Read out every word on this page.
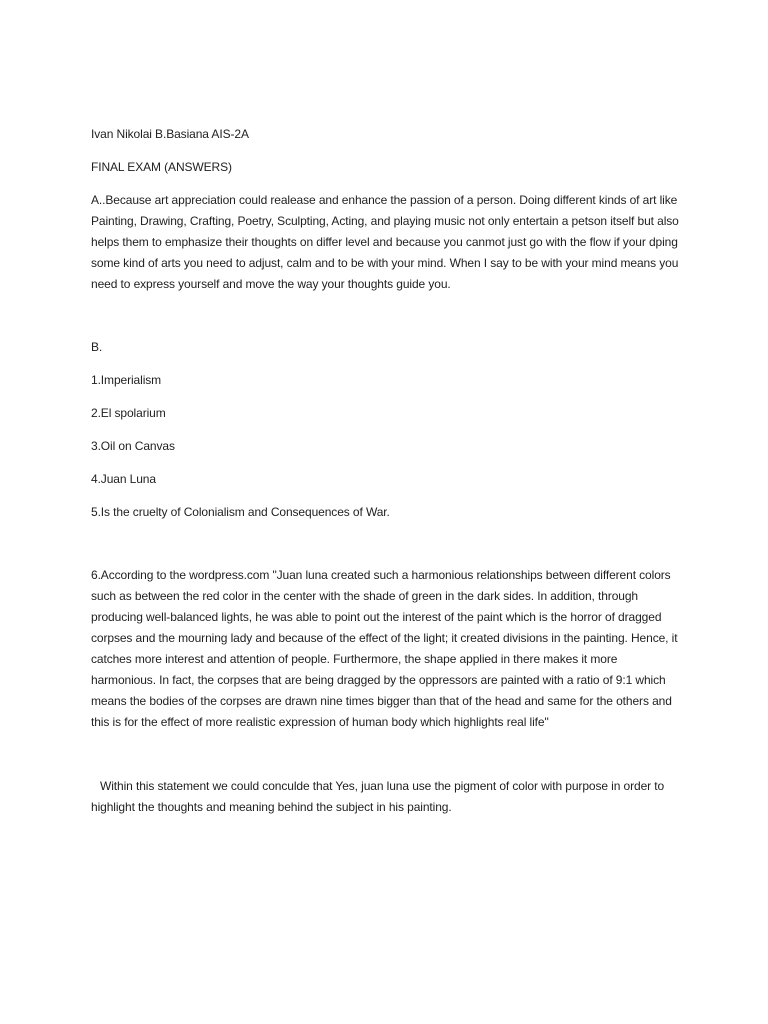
Ivan Nikolai B.Basiana AIS-2A

FINAL EXAM (ANSWERS)

A..Because art appreciation could realease and enhance the passion of a person. Doing different kinds of art like Painting, Drawing, Crafting, Poetry, Sculpting, Acting, and playing music not only entertain a petson itself but also helps them to emphasize their thoughts on differ level and because you canmot just go with the flow if your dping some kind of arts you need to adjust, calm and to be with your mind. When I say to be with your mind means you need to express yourself and move the way your thoughts guide you.

B.

1.Imperialism

2.El spolarium

3.Oil on Canvas

4.Juan Luna

5.Is the cruelty of Colonialism and Consequences of War.

6.According to the wordpress.com "Juan luna created such a harmonious relationships between different colors such as between the red color in the center with the shade of green in the dark sides. In addition, through producing well-balanced lights, he was able to point out the interest of the paint which is the horror of dragged corpses and the mourning lady and because of the effect of the light; it created divisions in the painting. Hence, it catches more interest and attention of people. Furthermore, the shape applied in there makes it more harmonious. In fact, the corpses that are being dragged by the oppressors are painted with a ratio of 9:1 which means the bodies of the corpses are drawn nine times bigger than that of the head and same for the others and this is for the effect of more realistic expression of human body which highlights real life"

Within this statement we could conculde that Yes, juan luna use the pigment of color with purpose in order to highlight the thoughts and meaning behind the subject in his painting.
